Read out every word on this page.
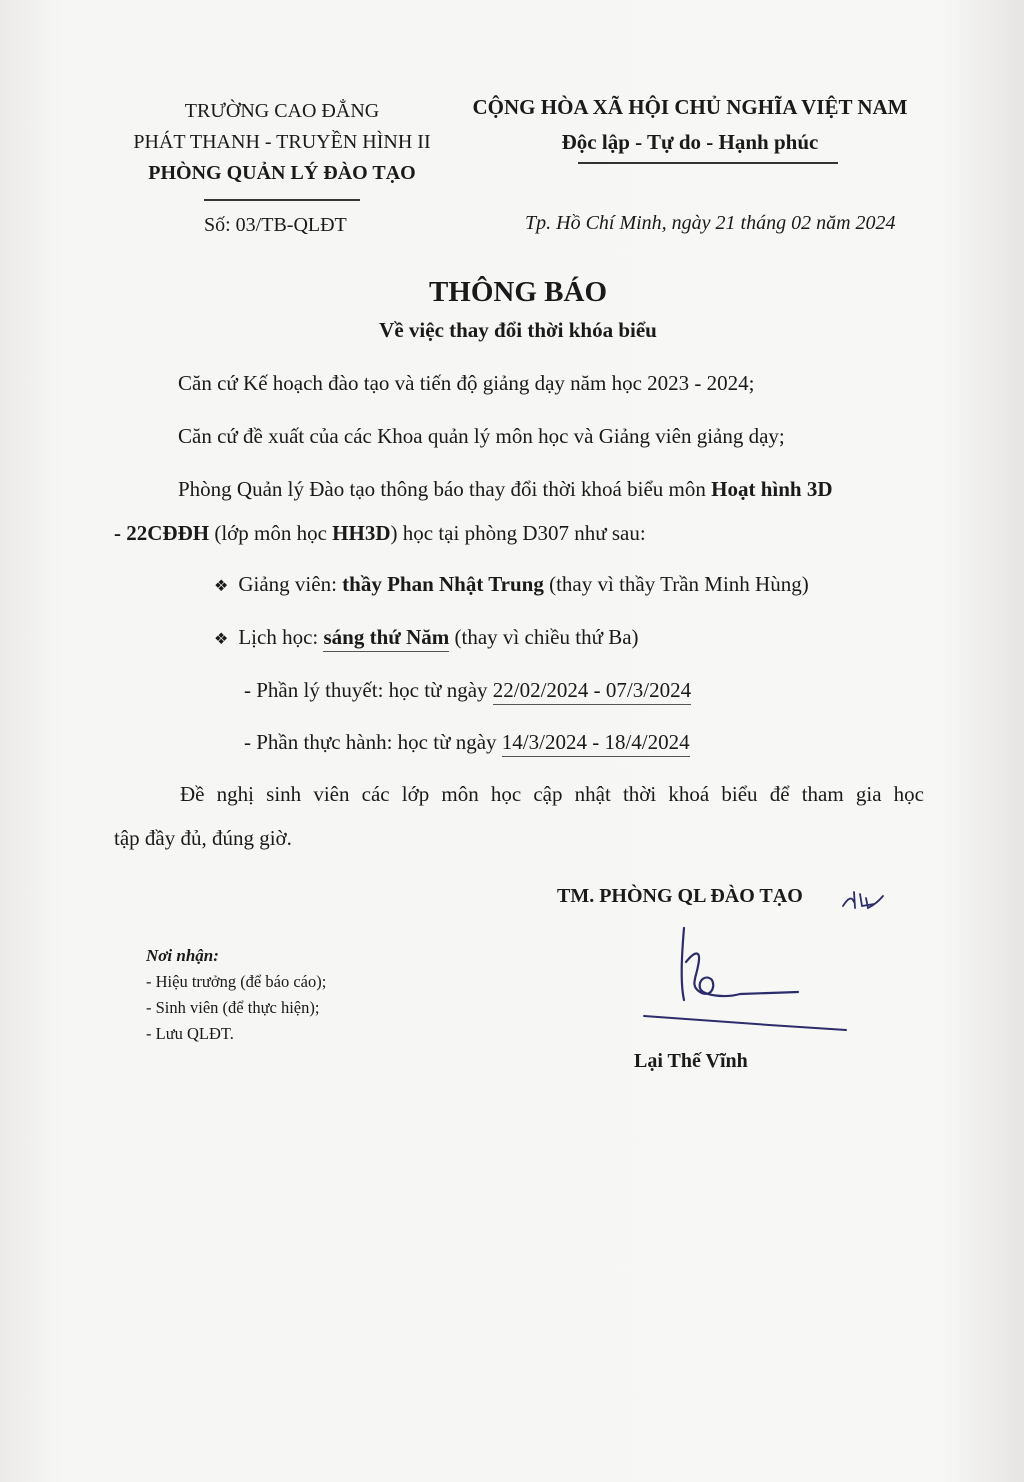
TRƯỜNG CAO ĐẲNG
PHÁT THANH - TRUYỀN HÌNH II
PHÒNG QUẢN LÝ ĐÀO TẠO
CỘNG HÒA XÃ HỘI CHỦ NGHĨA VIỆT NAM
Độc lập - Tự do - Hạnh phúc
Số: 03/TB-QLĐT	Tp. Hồ Chí Minh, ngày 21 tháng 02 năm 2024
THÔNG BÁO
Về việc thay đổi thời khóa biểu
Căn cứ Kế hoạch đào tạo và tiến độ giảng dạy năm học 2023 - 2024;
Căn cứ đề xuất của các Khoa quản lý môn học và Giảng viên giảng dạy;
Phòng Quản lý Đào tạo thông báo thay đổi thời khoá biểu môn Hoạt hình 3D
- 22CĐĐH (lớp môn học HH3D) học tại phòng D307 như sau:
❖ Giảng viên: thầy Phan Nhật Trung (thay vì thầy Trần Minh Hùng)
❖ Lịch học: sáng thứ Năm (thay vì chiều thứ Ba)
- Phần lý thuyết: học từ ngày 22/02/2024 - 07/3/2024
- Phần thực hành: học từ ngày 14/3/2024 - 18/4/2024
Đề nghị sinh viên các lớp môn học cập nhật thời khoá biểu để tham gia học
tập đầy đủ, đúng giờ.
TM. PHÒNG QL ĐÀO TẠO
Lại Thế Vĩnh
Nơi nhận:
- Hiệu trưởng (để báo cáo);
- Sinh viên (để thực hiện);
- Lưu QLĐT.
